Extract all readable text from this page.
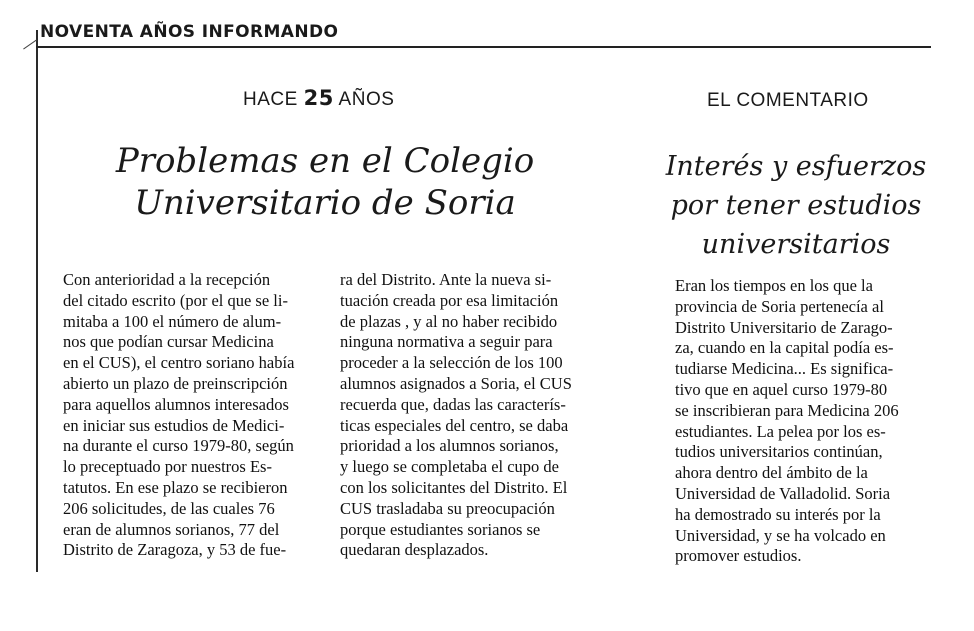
NOVENTA AÑOS INFORMANDO
HACE 25 AÑOS
Problemas en el Colegio
Universitario de Soria
Con anterioridad a la recepción
del citado escrito (por el que se li-
mitaba a 100 el número de alum-
nos que podían cursar Medicina
en el CUS), el centro soriano había
abierto un plazo de preinscripción
para aquellos alumnos interesados
en iniciar sus estudios de Medici-
na durante el curso 1979-80, según
lo preceptuado por nuestros Es-
tatutos. En ese plazo se recibieron
206 solicitudes, de las cuales 76
eran de alumnos sorianos, 77 del
Distrito de Zaragoza, y 53 de fue-
ra del Distrito. Ante la nueva si-
tuación creada por esa limitación
de plazas , y al no haber recibido
ninguna normativa a seguir para
proceder a la selección de los 100
alumnos asignados a Soria, el CUS
recuerda que, dadas las caracterís-
ticas especiales del centro, se daba
prioridad a los alumnos sorianos,
y luego se completaba el cupo de
con los solicitantes del Distrito. El
CUS trasladaba su preocupación
porque estudiantes sorianos se
quedaran desplazados.
EL COMENTARIO
Interés y esfuerzos
por tener estudios
universitarios
Eran los tiempos en los que la
provincia de Soria pertenecía al
Distrito Universitario de Zarago-
za, cuando en la capital podía es-
tudiarse Medicina... Es significa-
tivo que en aquel curso 1979-80
se inscribieran para Medicina 206
estudiantes. La pelea por los es-
tudios universitarios continúan,
ahora dentro del ámbito de la
Universidad de Valladolid. Soria
ha demostrado su interés por la
Universidad, y se ha volcado en
promover estudios.
